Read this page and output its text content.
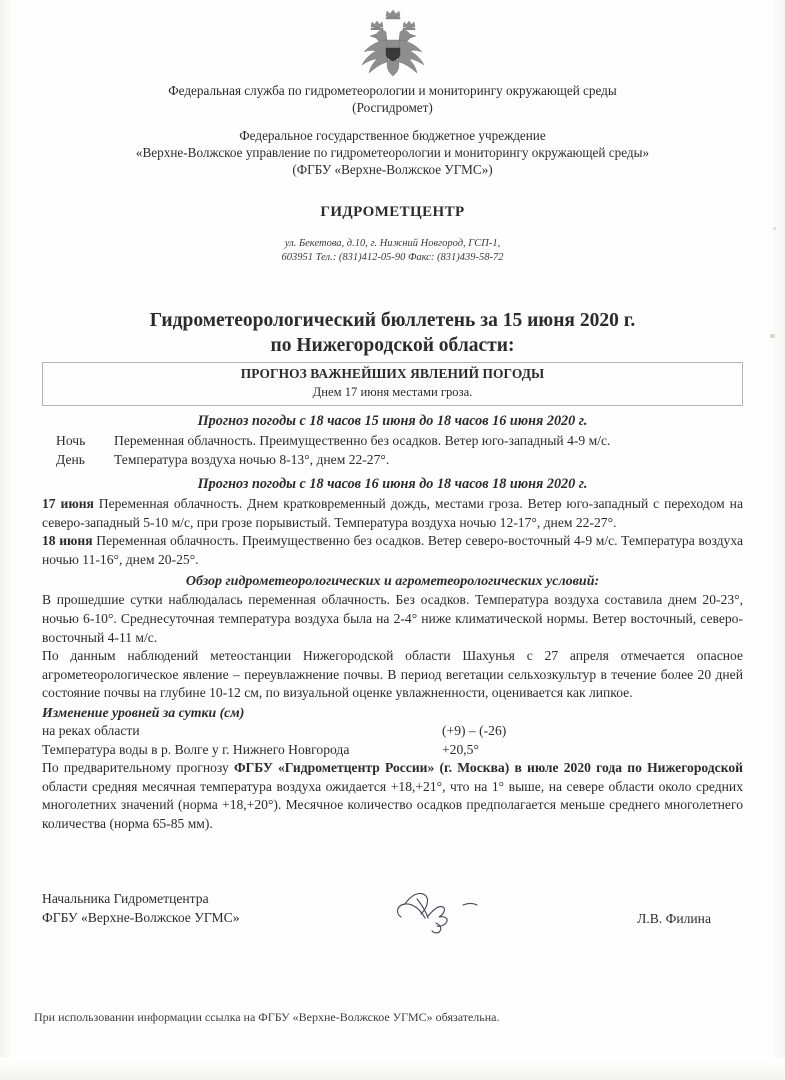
Федеральная служба по гидрометеорологии и мониторингу окружающей среды
(Росгидромет)
Федеральное государственное бюджетное учреждение
«Верхне-Волжское управление по гидрометеорологии и мониторингу окружающей среды»
(ФГБУ «Верхне-Волжское УГМС»)
ГИДРОМЕТЦЕНТР
ул. Бекетова, д.10, г. Нижний Новгород, ГСП-1,
603951 Тел.: (831)412-05-90 Факс: (831)439-58-72
Гидрометеорологический бюллетень за 15 июня 2020 г.
по Нижегородской области:
ПРОГНОЗ ВАЖНЕЙШИХ ЯВЛЕНИЙ ПОГОДЫ
Днем 17 июня местами гроза.
Прогноз погоды с 18 часов 15 июня до 18 часов 16 июня 2020 г.
Ночь	Переменная облачность. Преимущественно без осадков. Ветер юго-западный 4-9 м/с.
День	Температура воздуха ночью 8-13°, днем 22-27°.
Прогноз погоды с 18 часов 16 июня до 18 часов 18 июня 2020 г.

17 июня Переменная облачность. Днем кратковременный дождь, местами гроза. Ветер юго-западный с переходом на северо-западный 5-10 м/с, при грозе порывистый. Температура воздуха ночью 12-17°, днем 22-27°.

18 июня Переменная облачность. Преимущественно без осадков. Ветер северо-восточный 4-9 м/с. Температура воздуха ночью 11-16°, днем 20-25°.

Обзор гидрометеорологических и агрометеорологических условий:

В прошедшие сутки наблюдалась переменная облачность. Без осадков. Температура воздуха составила днем 20-23°, ночью 6-10°. Среднесуточная температура воздуха была на 2-4° ниже климатической нормы. Ветер восточный, северо-восточный 4-11 м/с.

По данным наблюдений метеостанции Нижегородской области Шахунья с 27 апреля отмечается опасное агрометеорологическое явление – переувлажнение почвы. В период вегетации сельхозкультур в течение более 20 дней состояние почвы на глубине 10-12 см, по визуальной оценке увлажненности, оценивается как липкое.

Изменение уровней за сутки (см)
на реках области	(+9) – (-26)
Температура воды в р. Волге у г. Нижнего Новгорода	+20,5°

По предварительному прогнозу ФГБУ «Гидрометцентр России» (г. Москва) в июле 2020 года по Нижегородской области средняя месячная температура воздуха ожидается +18,+21°, что на 1° выше, на севере области около средних многолетних значений (норма +18,+20°). Месячное количество осадков предполагается меньше среднего многолетнего количества (норма 65-85 мм).

Начальника Гидрометцентра
ФГБУ «Верхне-Волжское УГМС»	Л.В. Филина
При использовании информации ссылка на ФГБУ «Верхне-Волжское УГМС» обязательна.
